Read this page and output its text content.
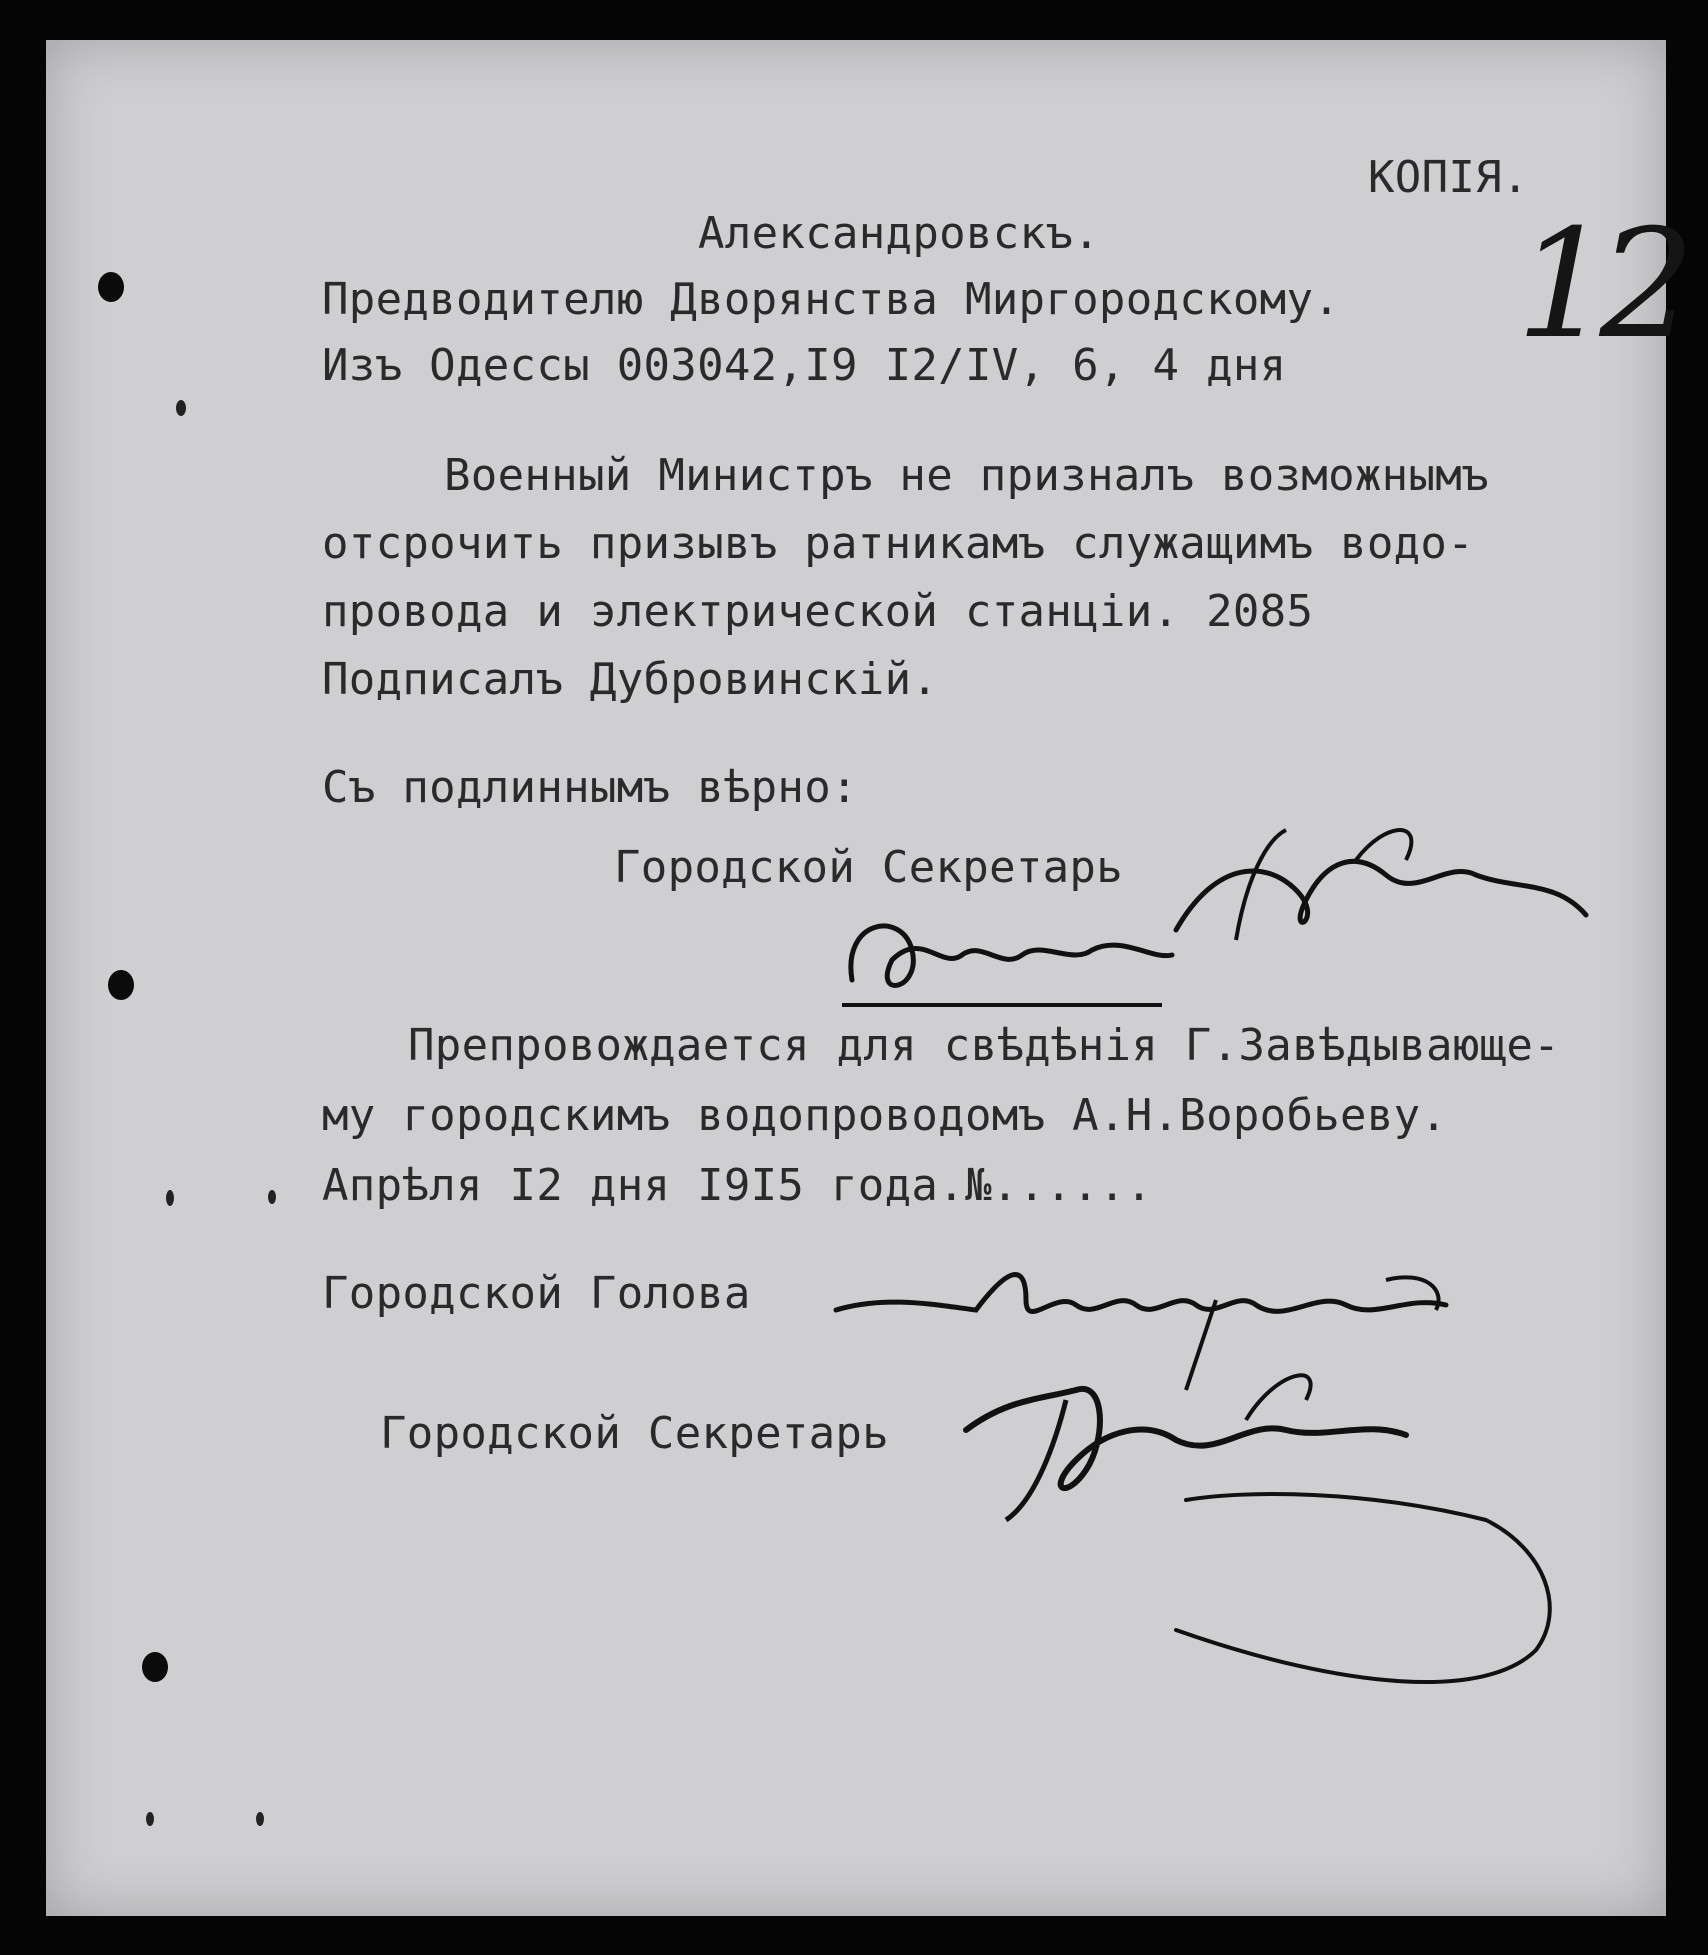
КОПIЯ.

12

Александровскъ.

Предводителю Дворянства Миргородскому.

Изъ Одессы 003042,I9 I2/IV, 6, 4 дня

Военный Министръ не призналъ возможнымъ

отсрочить призывъ ратникамъ служащимъ водо-

провода и электрической станцiи. 2085

Подписалъ Дубровинскiй.

Съ подлиннымъ вѣрно:

Городской Секретарь

Препровождается для свѣдѣнiя Г.Завѣдывающе-

му городскимъ водопроводомъ А.Н.Воробьеву.

Апрѣля I2 дня I9I5 года.№......

Городской Голова

Городской Секретарь
